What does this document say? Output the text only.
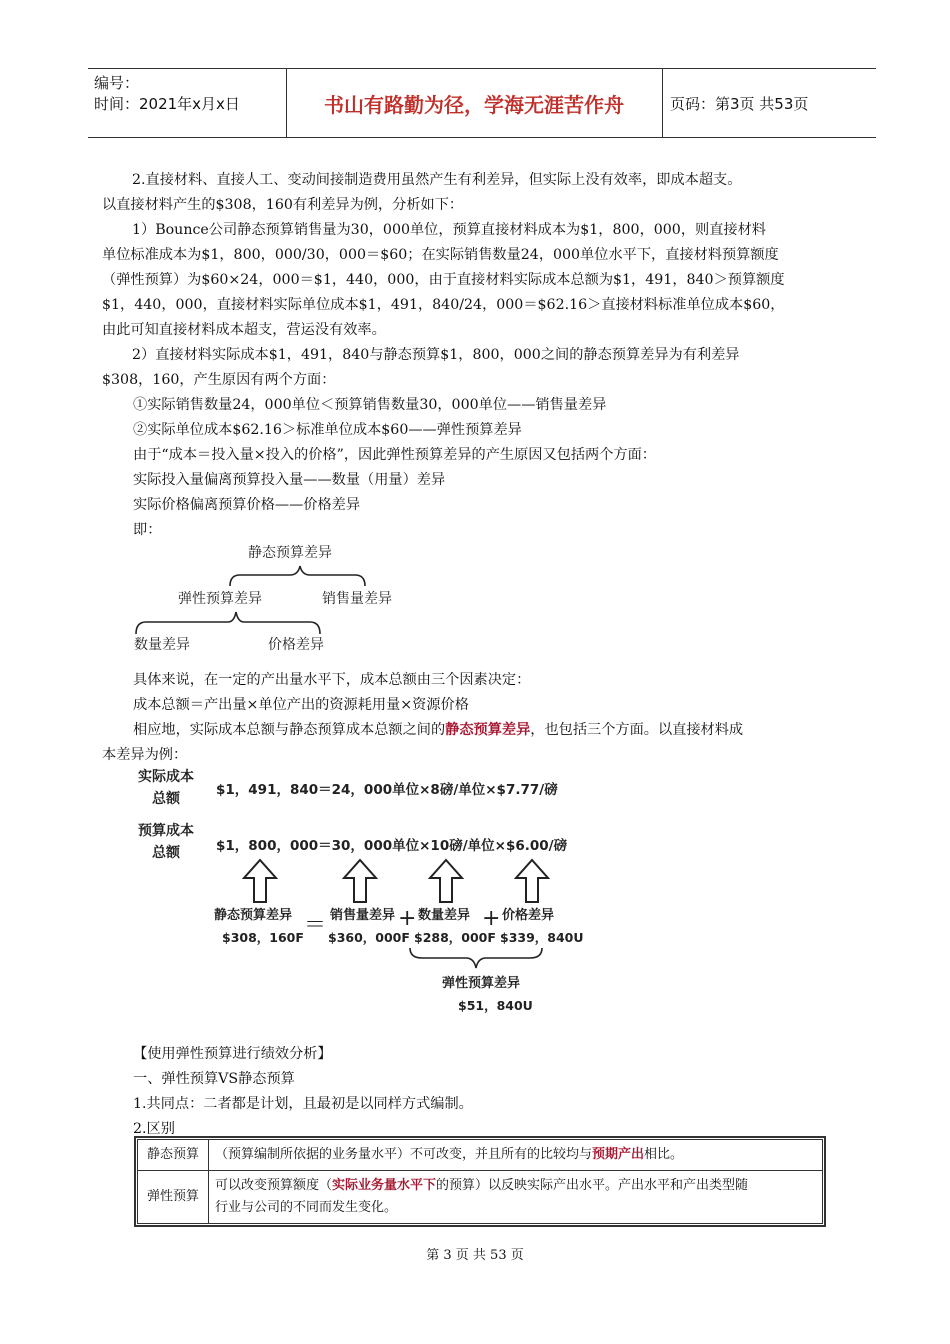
编号：
时间：2021年x月x日	书山有路勤为径，学海无涯苦作舟	页码：第3页 共53页
2.直接材料、直接人工、变动间接制造费用虽然产生有利差异，但实际上没有效率，即成本超支。
以直接材料产生的$308，160有利差异为例，分析如下：
1）Bounce公司静态预算销售量为30，000单位，预算直接材料成本为$1，800，000，则直接材料
单位标准成本为$1，800，000/30，000＝$60；在实际销售数量24，000单位水平下，直接材料预算额度
（弹性预算）为$60×24，000＝$1，440，000，由于直接材料实际成本总额为$1，491，840＞预算额度
$1，440，000，直接材料实际单位成本$1，491，840/24，000＝$62.16＞直接材料标准单位成本$60，
由此可知直接材料成本超支，营运没有效率。
2）直接材料实际成本$1，491，840与静态预算$1，800，000之间的静态预算差异为有利差异
$308，160，产生原因有两个方面：
①实际销售数量24，000单位＜预算销售数量30，000单位——销售量差异
②实际单位成本$62.16＞标准单位成本$60——弹性预算差异
由于“成本＝投入量×投入的价格”，因此弹性预算差异的产生原因又包括两个方面：
实际投入量偏离预算投入量——数量（用量）差异
实际价格偏离预算价格——价格差异
即：
静态预算差异
弹性预算差异	销售量差异
数量差异	价格差异
具体来说，在一定的产出量水平下，成本总额由三个因素决定：
成本总额＝产出量×单位产出的资源耗用量×资源价格
相应地，实际成本总额与静态预算成本总额之间的静态预算差异，也包括三个方面。以直接材料成
本差异为例：
实际成本
总额
$1，491，840＝24，000单位×8磅/单位×$7.77/磅
预算成本
总额	$1，800，000＝30，000单位×10磅/单位×$6.00/磅
静态预算差异
$308，160F ＝ 销售量差异
$360，000F
+ 数量差异
$288，000F
+ 价格差异
$339，840U
弹性预算差异
$51，840U
【使用弹性预算进行绩效分析】
一、弹性预算VS静态预算
1.共同点：二者都是计划，且最初是以同样方式编制。
2.区别
静态预算	（预算编制所依据的业务量水平）不可改变，并且所有的比较均与预期产出相比。
弹性预算	可以改变预算额度（实际业务量水平下的预算）以反映实际产出水平。产出水平和产出类型随
行业与公司的不同而发生变化。
第 3 页 共 53 页
